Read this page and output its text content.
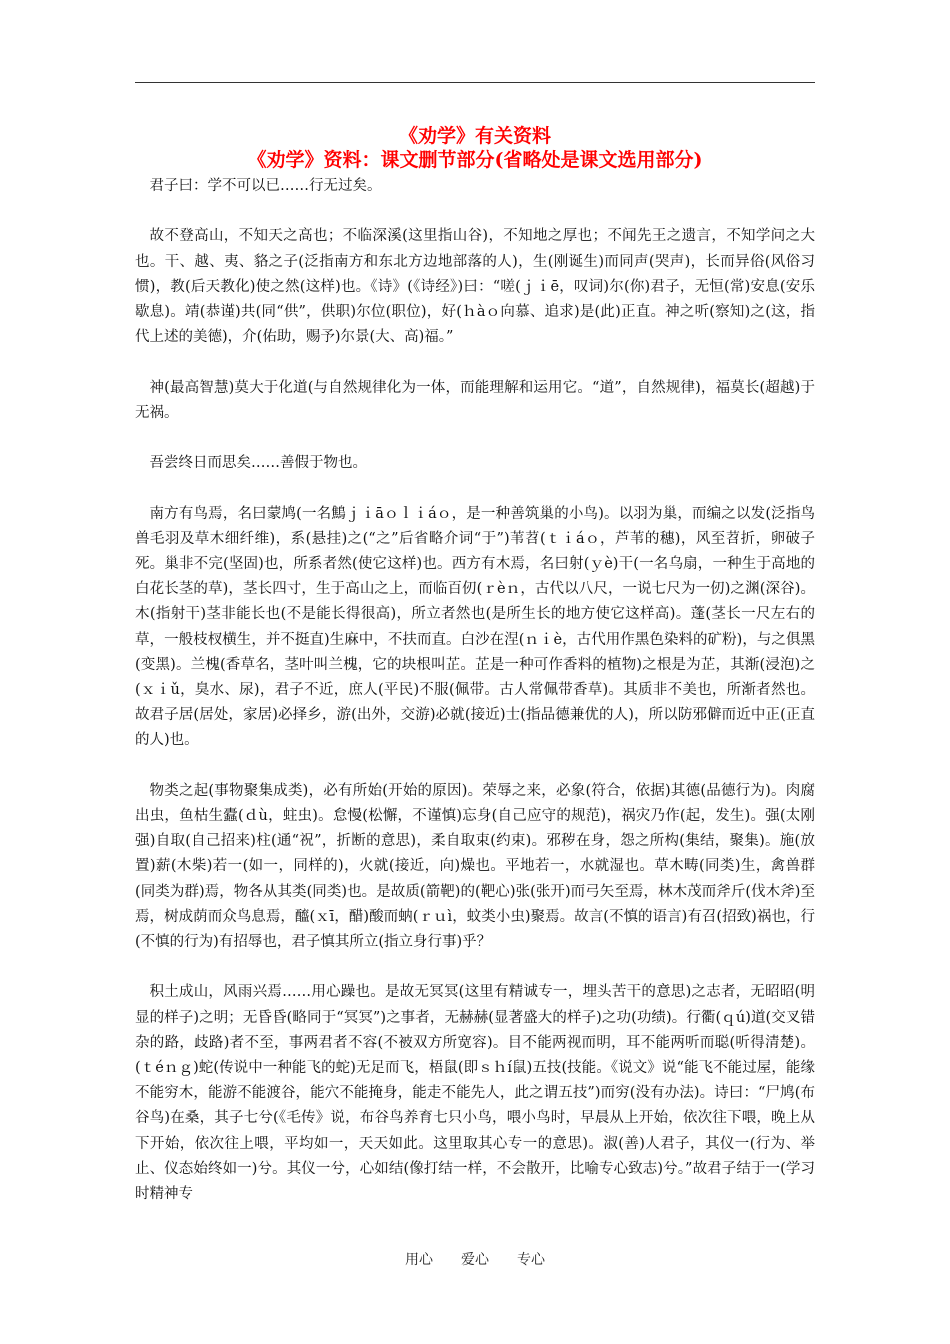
《劝学》有关资料
《劝学》资料：课文删节部分(省略处是课文选用部分)

君子曰：学不可以已……行无过矣。

故不登高山，不知天之高也；不临深溪(这里指山谷)，不知地之厚也；不闻先王之遗言，不知学问之大也。干、越、夷、貉之子(泛指南方和东北方边地部落的人)，生(刚诞生)而同声(哭声)，长而异俗(风俗习惯)，教(后天教化)使之然(这样)也。《诗》(《诗经》)曰：“嗟(ｊｉē，叹词)尔(你)君子，无恒(常)安息(安乐歇息)。靖(恭谨)共(同“供”，供职)尔位(职位)，好(ｈàｏ向慕、追求)是(此)正直。神之听(察知)之(这，指代上述的美德)，介(佑助，赐予)尔景(大、高)福。”

神(最高智慧)莫大于化道(与自然规律化为一体，而能理解和运用它。“道”，自然规律)，福莫长(超越)于无祸。

吾尝终日而思矣……善假于物也。

南方有鸟焉，名曰蒙鸠(一名鷦ｊｉāｏｌｉáｏ，是一种善筑巢的小鸟)。以羽为巢，而编之以发(泛指鸟兽毛羽及草木细纤维)，系(悬挂)之(“之”后省略介词“于”)苇苕(ｔｉáｏ，芦苇的穗)，风至苕折，卵破子死。巢非不完(坚固)也，所系者然(使它这样)也。西方有木焉，名曰射(ｙè)干(一名乌扇，一种生于高地的白花长茎的草)，茎长四寸，生于高山之上，而临百仞(ｒèｎ，古代以八尺，一说七尺为一仞)之渊(深谷)。木(指射干)茎非能长也(不是能长得很高)，所立者然也(是所生长的地方使它这样高)。蓬(茎长一尺左右的草，一般枝杈横生，并不挺直)生麻中，不扶而直。白沙在涅(ｎｉè，古代用作黑色染料的矿粉)，与之俱黑(变黑)。兰槐(香草名，茎叶叫兰槐，它的块根叫芷。芷是一种可作香料的植物)之根是为芷，其渐(浸泡)之(ｘｉǔ，臭水、尿)，君子不近，庶人(平民)不服(佩带。古人常佩带香草)。其质非不美也，所渐者然也。故君子居(居处，家居)必择乡，游(出外，交游)必就(接近)士(指品德兼优的人)，所以防邪僻而近中正(正直的人)也。

物类之起(事物聚集成类)，必有所始(开始的原因)。荣辱之来，必象(符合，依据)其德(品德行为)。肉腐出虫，鱼枯生蠹(ｄù，蛀虫)。怠慢(松懈，不谨慎)忘身(自己应守的规范)，祸灾乃作(起，发生)。强(太刚强)自取(自己招来)柱(通“祝”，折断的意思)，柔自取束(约束)。邪秽在身，怨之所构(集结，聚集)。施(放置)薪(木柴)若一(如一，同样的)，火就(接近，向)燥也。平地若一，水就湿也。草木畴(同类)生，禽兽群(同类为群)焉，物各从其类(同类)也。是故质(箭靶)的(靶心)张(张开)而弓矢至焉，林木茂而斧斤(伐木斧)至焉，树成荫而众鸟息焉，醯(ｘī，醋)酸而蚋(ｒｕì，蚊类小虫)聚焉。故言(不慎的语言)有召(招致)祸也，行(不慎的行为)有招辱也，君子慎其所立(指立身行事)乎？

积土成山，风雨兴焉……用心躁也。是故无冥冥(这里有精诚专一，埋头苦干的意思)之志者，无昭昭(明显的样子)之明；无昏昏(略同于“冥冥”)之事者，无赫赫(显著盛大的样子)之功(功绩)。行衢(ｑú)道(交叉错杂的路，歧路)者不至，事两君者不容(不被双方所宽容)。目不能两视而明，耳不能两听而聪(听得清楚)。(ｔéｎｇ)蛇(传说中一种能飞的蛇)无足而飞，梧鼠(即ｓｈí鼠)五技(技能。《说文》说“能飞不能过屋，能缘不能穷木，能游不能渡谷，能穴不能掩身，能走不能先人，此之谓五技”)而穷(没有办法)。诗曰：“尸鸠(布谷鸟)在桑，其子七兮(《毛传》说，布谷鸟养育七只小鸟，喂小鸟时，早晨从上开始，依次往下喂，晚上从下开始，依次往上喂，平均如一，天天如此。这里取其心专一的意思)。淑(善)人君子，其仪一(行为、举止、仪态始终如一)兮。其仪一兮，心如结(像打结一样，不会散开，比喻专心致志)兮。”故君子结于一(学习时精神专

用心　　爱心　　专心
